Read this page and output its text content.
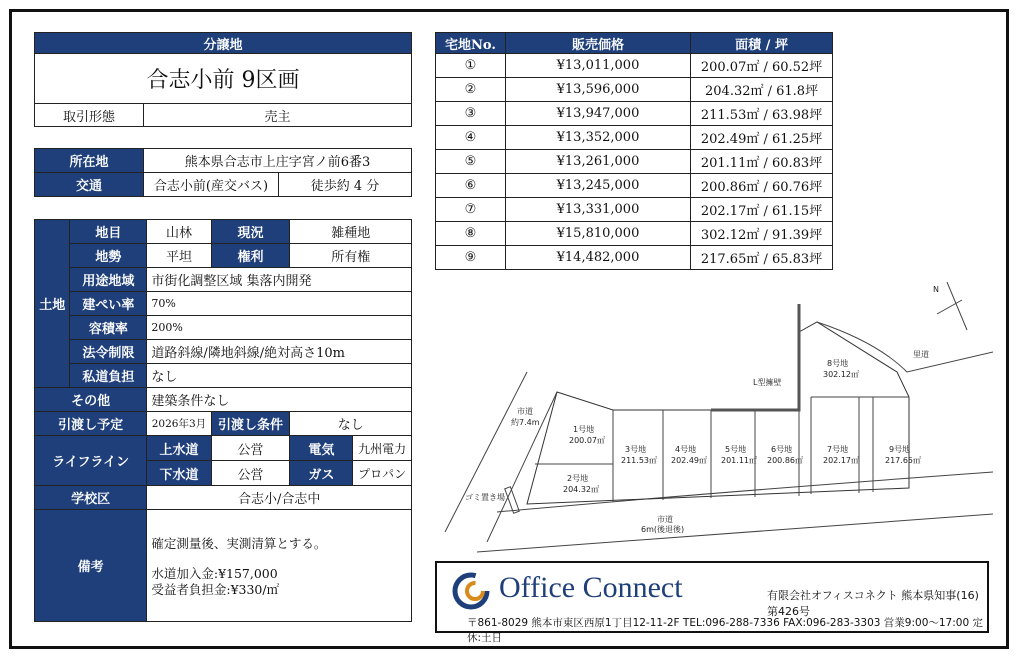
分譲地
合志小前 9区画
取引形態	売主
所在地	熊本県合志市上庄字宮ノ前6番3	
交通	合志小前(産交バス)	徒歩約 4 分
土地	地目	山林	現況	雑種地	
	地勢	平坦	権利	所有権	
	用途地域	市街化調整区域 集落内開発			
	建ぺい率	70%			
	容積率	200%			
	法令制限	道路斜線/隣地斜線/絶対高さ10m			
	私道負担	なし			
その他		建築条件なし			
引渡し予定		2026年3月	引渡し条件	なし	
ライフライン		上水道	公営	電気	九州電力
		下水道	公営	ガス	プロパン
学校区		合志小/合志中			
備考		確定測量後、実測清算とする。
水道加入金:¥157,000
受益者負担金:¥330/㎡			
宅地No.	販売価格	面積 / 坪
①	¥13,011,000	200.07㎡ / 60.52坪
②	¥13,596,000	204.32㎡ / 61.8坪
③	¥13,947,000	211.53㎡ / 63.98坪
④	¥13,352,000	202.49㎡ / 61.25坪
⑤	¥13,261,000	201.11㎡ / 60.83坪
⑥	¥13,245,000	200.86㎡ / 60.76坪
⑦	¥13,331,000	202.17㎡ / 61.15坪
⑧	¥15,810,000	302.12㎡ / 91.39坪
⑨	¥14,482,000	217.65㎡ / 65.83坪
1号地
200.07㎡
2号地
204.32㎡
3号地
211.53㎡
4号地
202.49㎡
5号地
201.11㎡
6号地
200.86㎡
7号地
202.17㎡
8号地
302.12㎡
9号地
217.65㎡
市道
約7.4m
市道
6m(後退後)
L型擁壁
里道
ゴミ置き場
N
Office Connect	有限会社オフィスコネクト 熊本県知事(16)第426号
〒861-8029 熊本市東区西原1丁目12-11-2F TEL:096-288-7336 FAX:096-283-3303 営業9:00～17:00 定休:土日
